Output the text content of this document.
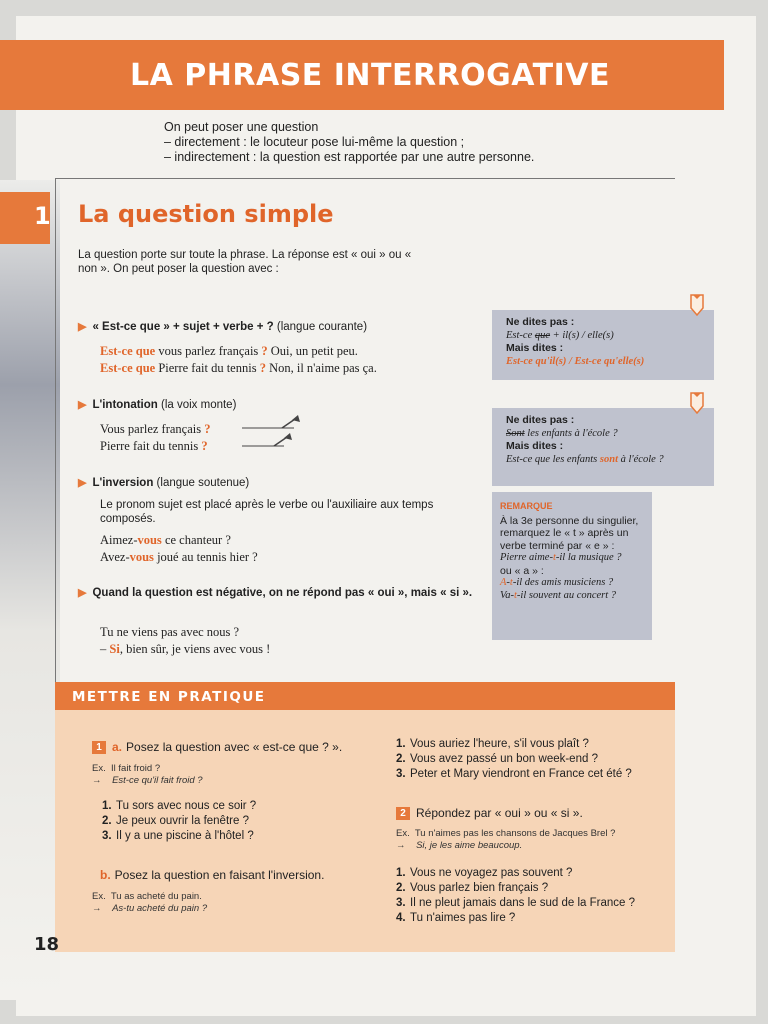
LA PHRASE INTERROGATIVE
On peut poser une question
– directement : le locuteur pose lui-même la question ;
– indirectement : la question est rapportée par une autre personne.
1 La question simple
La question porte sur toute la phrase. La réponse est « oui » ou « non ». On peut poser la question avec :
▶ « Est-ce que » + sujet + verbe + ? (langue courante)
Est-ce que vous parlez français ? Oui, un petit peu.
Est-ce que Pierre fait du tennis ? Non, il n'aime pas ça.
▶ L'intonation (la voix monte)
Vous parlez français ?
Pierre fait du tennis ?
▶ L'inversion (langue soutenue)
Le pronom sujet est placé après le verbe ou l'auxiliaire aux temps composés.
Aimez-vous ce chanteur ?
Avez-vous joué au tennis hier ?
▶ Quand la question est négative, on ne répond pas « oui », mais « si ».
Tu ne viens pas avec nous ?
– Si, bien sûr, je viens avec vous !
Ne dites pas :
Est-ce que + il(s) / elle(s)
Mais dites :
Est-ce qu'il(s) / Est-ce qu'elle(s)
Ne dites pas :
Sont les enfants à l'école ?
Mais dites :
Est-ce que les enfants sont à l'école ?
REMARQUE
À la 3e personne du singulier, remarquez le « t » après un verbe terminé par « e » :
Pierre aime-t-il la musique ?
ou « a » :
A-t-il des amis musiciens ?
Va-t-il souvent au concert ?
METTRE EN PRATIQUE
1 a. Posez la question avec « est-ce que ? ».
Ex. Il fait froid ?
→ Est-ce qu'il fait froid ?
1. Tu sors avec nous ce soir ?
2. Je peux ouvrir la fenêtre ?
3. Il y a une piscine à l'hôtel ?
b. Posez la question en faisant l'inversion.
Ex. Tu as acheté du pain.
→ As-tu acheté du pain ?
1. Vous auriez l'heure, s'il vous plaît ?
2. Vous avez passé un bon week-end ?
3. Peter et Mary viendront en France cet été ?
2 Répondez par « oui » ou « si ».
Ex. Tu n'aimes pas les chansons de Jacques Brel ?
→ Si, je les aime beaucoup.
1. Vous ne voyagez pas souvent ?
2. Vous parlez bien français ?
3. Il ne pleut jamais dans le sud de la France ?
4. Tu n'aimes pas lire ?
18
